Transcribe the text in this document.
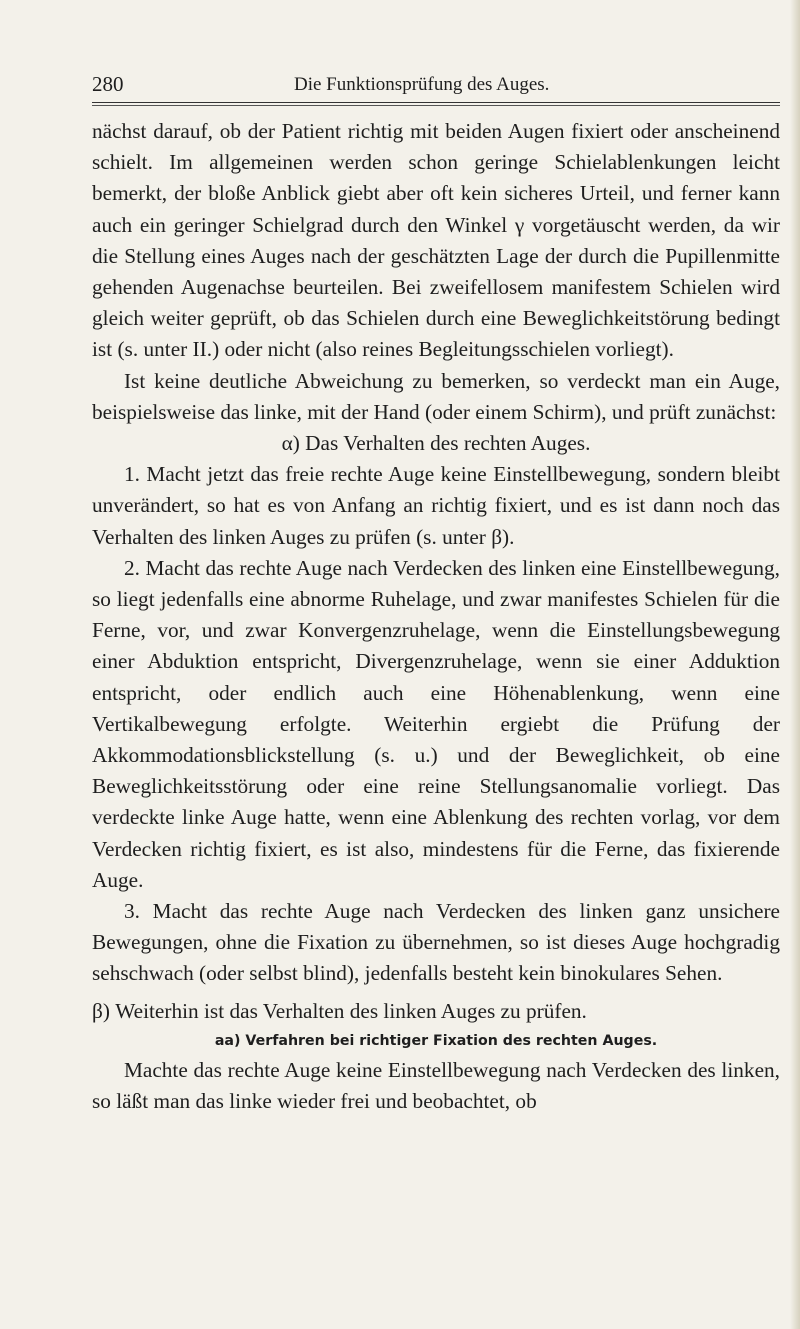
280	Die Funktionsprüfung des Auges.

nächst darauf, ob der Patient richtig mit beiden Augen fixiert oder anscheinend schielt. Im allgemeinen werden schon geringe Schielablenkungen leicht bemerkt, der bloße Anblick giebt aber oft kein sicheres Urteil, und ferner kann auch ein geringer Schielgrad durch den Winkel γ vorgetäuscht werden, da wir die Stellung eines Auges nach der geschätzten Lage der durch die Pupillenmitte gehenden Augenachse beurteilen. Bei zweifellosem manifestem Schielen wird gleich weiter geprüft, ob das Schielen durch eine Beweglichkeitstörung bedingt ist (s. unter II.) oder nicht (also reines Begleitungsschielen vorliegt).

Ist keine deutliche Abweichung zu bemerken, so verdeckt man ein Auge, beispielsweise das linke, mit der Hand (oder einem Schirm), und prüft zunächst:

α) Das Verhalten des rechten Auges.

1. Macht jetzt das freie rechte Auge keine Einstellbewegung, sondern bleibt unverändert, so hat es von Anfang an richtig fixiert, und es ist dann noch das Verhalten des linken Auges zu prüfen (s. unter β).

2. Macht das rechte Auge nach Verdecken des linken eine Einstellbewegung, so liegt jedenfalls eine abnorme Ruhelage, und zwar manifestes Schielen für die Ferne, vor, und zwar Konvergenzruhelage, wenn die Einstellungsbewegung einer Abduktion entspricht, Divergenzruhelage, wenn sie einer Adduktion entspricht, oder endlich auch eine Höhenablenkung, wenn eine Vertikalbewegung erfolgte. Weiterhin ergiebt die Prüfung der Akkommodationsblickstellung (s. u.) und der Beweglichkeit, ob eine Beweglichkeitsstörung oder eine reine Stellungsanomalie vorliegt. Das verdeckte linke Auge hatte, wenn eine Ablenkung des rechten vorlag, vor dem Verdecken richtig fixiert, es ist also, mindestens für die Ferne, das fixierende Auge.

3. Macht das rechte Auge nach Verdecken des linken ganz unsichere Bewegungen, ohne die Fixation zu übernehmen, so ist dieses Auge hochgradig sehschwach (oder selbst blind), jedenfalls besteht kein binokulares Sehen.

β) Weiterhin ist das Verhalten des linken Auges zu prüfen.

aa) Verfahren bei richtiger Fixation des rechten Auges.

Machte das rechte Auge keine Einstellbewegung nach Verdecken des linken, so läßt man das linke wieder frei und beobachtet, ob
